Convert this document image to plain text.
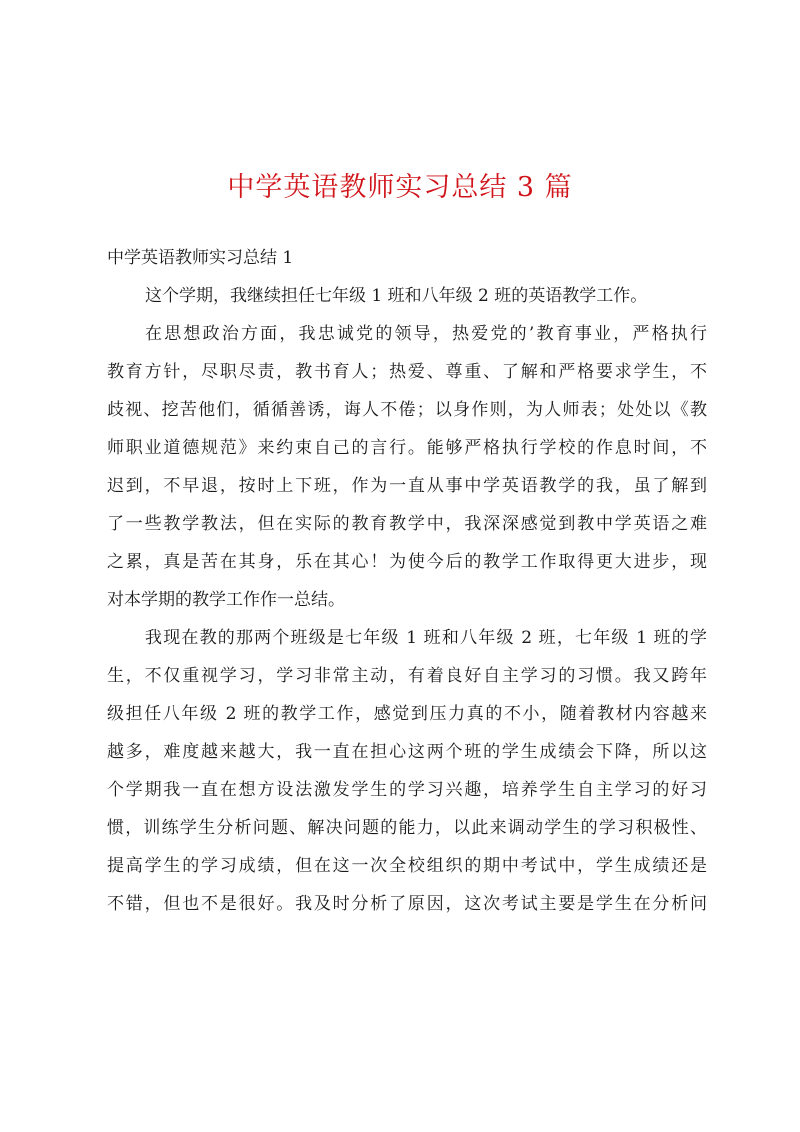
中学英语教师实习总结 3 篇
中学英语教师实习总结 1
这个学期，我继续担任七年级 1 班和八年级 2 班的英语教学工作。
在思想政治方面，我忠诚党的领导，热爱党的’教育事业，严格执行
教育方针，尽职尽责，教书育人；热爱、尊重、了解和严格要求学生，不
歧视、挖苦他们，循循善诱，诲人不倦；以身作则，为人师表；处处以《教
师职业道德规范》来约束自己的言行。能够严格执行学校的作息时间，不
迟到，不早退，按时上下班，作为一直从事中学英语教学的我，虽了解到
了一些教学教法，但在实际的教育教学中，我深深感觉到教中学英语之难
之累，真是苦在其身，乐在其心！为使今后的教学工作取得更大进步，现
对本学期的教学工作作一总结。
我现在教的那两个班级是七年级 1 班和八年级 2 班，七年级 1 班的学
生，不仅重视学习，学习非常主动，有着良好自主学习的习惯。我又跨年
级担任八年级 2 班的教学工作，感觉到压力真的不小，随着教材内容越来
越多，难度越来越大，我一直在担心这两个班的学生成绩会下降，所以这
个学期我一直在想方设法激发学生的学习兴趣，培养学生自主学习的好习
惯，训练学生分析问题、解决问题的能力，以此来调动学生的学习积极性、
提高学生的学习成绩，但在这一次全校组织的期中考试中，学生成绩还是
不错，但也不是很好。我及时分析了原因，这次考试主要是学生在分析问
